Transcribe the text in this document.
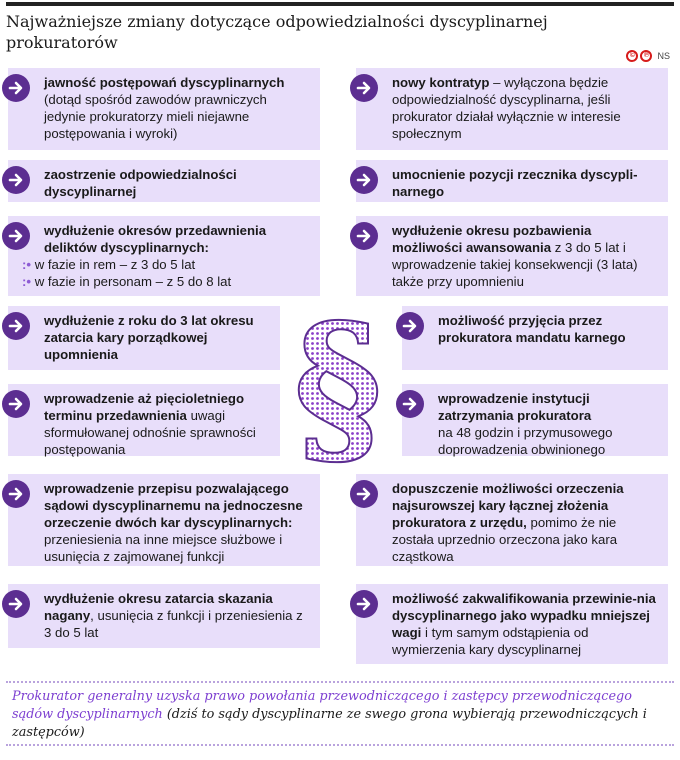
Najważniejsze zmiany dotyczące odpowiedzialności dyscyplinarnej prokuratorów
©	℗ NS
jawność postępowań dyscyplinarnych
(dotąd spośród zawodów prawniczych jedynie prokuratorzy mieli niejawne postępowania i wyroki)
zaostrzenie odpowiedzialności dyscyplinarnej
wydłużenie okresów przedawnienia deliktów dyscyplinarnych:

:• w fazie in rem – z 3 do 5 lat
:• w fazie in personam – z 5 do 8 lat
wydłużenie z roku do 3 lat okresu zatarcia kary porządkowej upomnienia
wprowadzenie aż pięcioletniego terminu przedawnienia uwagi sformułowanej odnośnie sprawności postępowania
wprowadzenie przepisu pozwalającego sądowi dyscyplinarnemu na jednoczesne orzeczenie dwóch kar dyscyplinarnych:
przeniesienia na inne miejsce służbowe i usunięcia z zajmowanej funkcji
wydłużenie okresu zatarcia skazania nagany, usunięcia z funkcji i przeniesienia z 3 do 5 lat
nowy kontratyp – wyłączona będzie odpowiedzialność dyscyplinarna, jeśli prokurator działał wyłącznie w interesie społecznym
umocnienie pozycji rzecznika dyscypli-narnego
wydłużenie okresu pozbawienia możliwości awansowania z 3 do 5 lat i wprowadzenie takiej konsekwencji (3 lata) także przy upomnieniu
możliwość przyjęcia przez prokuratora mandatu karnego
wprowadzenie instytucji zatrzymania prokuratora
na 48 godzin i przymusowego doprowadzenia obwinionego
dopuszczenie możliwości orzeczenia najsurowszej kary łącznej złożenia prokuratora z urzędu, pomimo że nie została uprzednio orzeczona jako kara cząstkowa
możliwość zakwalifikowania przewinie-nia dyscyplinarnego jako wypadku mniejszej wagi i tym samym odstąpienia od wymierzenia kary dyscyplinarnej
§
Prokurator generalny uzyska prawo powołania przewodniczącego i zastępcy przewodniczącego sądów dyscyplinarnych (dziś to sądy dyscyplinarne ze swego grona wybierają przewodniczących i zastępców)
